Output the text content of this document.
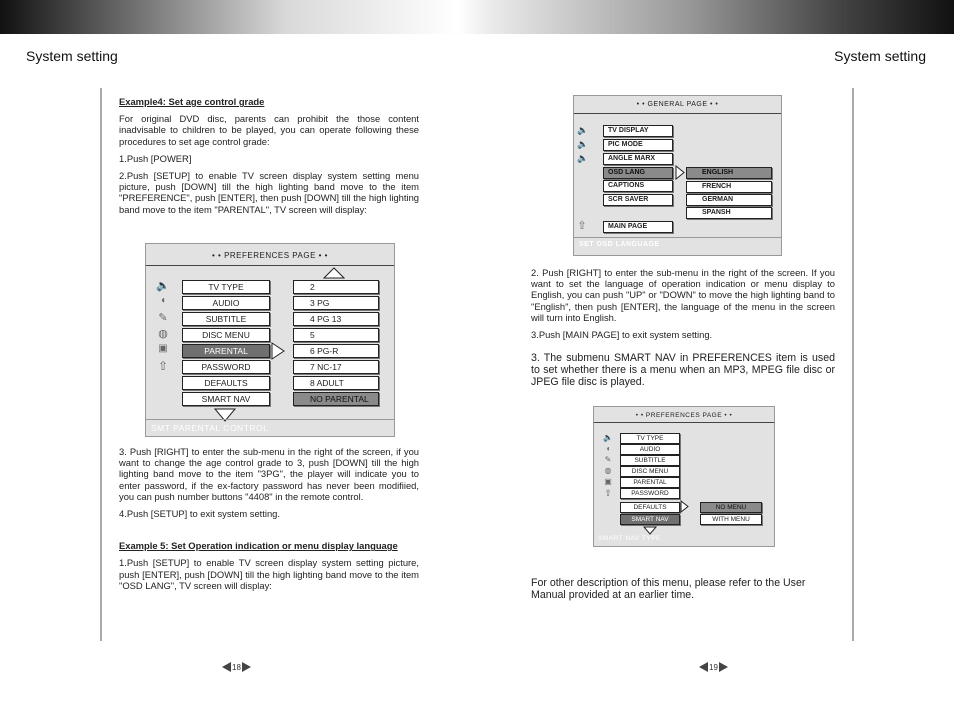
System setting	System setting
Example4: Set age control grade

For original DVD disc, parents can prohibit the those content inadvisable to children to be played, you can operate following these procedures to set age control grade:

1.Push [POWER]

2.Push [SETUP] to enable TV screen display system setting menu picture, push [DOWN] till the high lighting band move to the item "PREFERENCE", push [ENTER], then push [DOWN] till the high lighting band move to the item "PARENTAL", TV screen will display:

• • PREFERENCES PAGE • •
🔈
◖
✎
◍
▣
⇧
TV TYPE
AUDIO
SUBTITLE
DISC MENU
PARENTAL
PASSWORD
DEFAULTS
SMART NAV
2
3 PG
4 PG 13
5
6 PG-R
7 NC-17
8 ADULT
NO PARENTAL
SMT PARENTAL CONTROL

3. Push [RIGHT] to enter the sub-menu in the right of the screen, if you want to change the age control grade to 3, push [DOWN] till the high lighting band move to the item "3PG", the player will indicate you to enter password, if the ex-factory password has never been modifiied, you can push number buttons "4408" in the remote control.

4.Push [SETUP] to exit system setting.

Example 5: Set Operation indication or menu display language

1.Push [SETUP] to enable TV screen display system setting picture, push [ENTER], push [DOWN] till the high lighting band move to the item "OSD LANG", TV screen will display:

18
• • GENERAL PAGE • •
🔈
🔈
🔈
⇧
TV DISPLAY
PIC MODE
ANGLE MARX
OSD LANG
CAPTIONS
SCR SAVER
MAIN PAGE
ENGLISH
FRENCH
GERMAN
SPANSH
SET OSD LANGUAGE

2. Push [RIGHT] to enter the sub-menu in the right of the screen. If you want to set the language of operation indication or menu display to English, you can push "UP" or "DOWN" to move the high lighting band to "English", then push [ENTER], the language of the menu in the screen will turn into English.

3.Push [MAIN PAGE] to exit system setting.

3. The submenu SMART NAV in PREFERENCES item is used to set whether there is a menu when an MP3, MPEG file disc or JPEG file disc is played.

• • PREFERENCES PAGE • •
🔈
◖
✎
◍
▣
⇧
TV TYPE
AUDIO
SUBTITLE
DISC MENU
PARENTAL
PASSWORD
DEFAULTS
SMART NAV
NO MENU
WITH MENU
SMART NAV TYPE

For other description of this menu, please refer to the User Manual provided at an earlier time.

19
